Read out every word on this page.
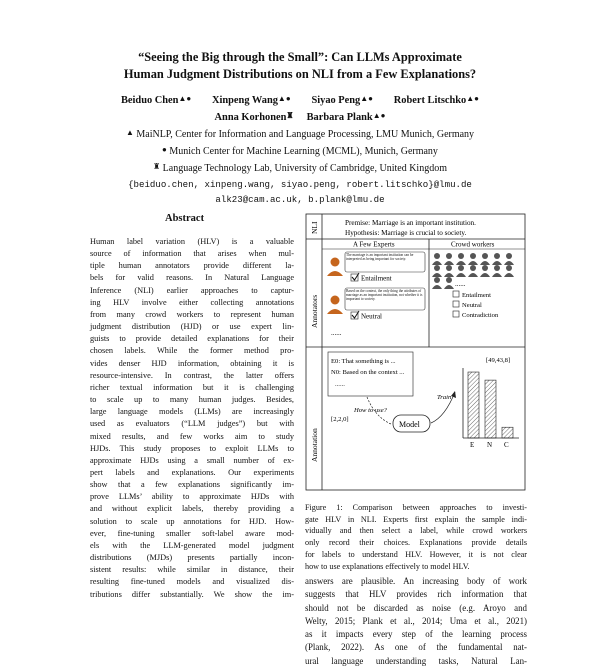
“Seeing the Big through the Small”: Can LLMs Approximate
Human Judgment Distributions on NLI from a Few Explanations?
Beiduo Chen▲● Xinpeng Wang▲● Siyao Peng▲● Robert Litschko▲●
Anna Korhonen♜ Barbara Plank▲●
▲ MaiNLP, Center for Information and Language Processing, LMU Munich, Germany
● Munich Center for Machine Learning (MCML), Munich, Germany
♜ Language Technology Lab, University of Cambridge, United Kingdom
{beiduo.chen, xinpeng.wang, siyao.peng, robert.litschko}@lmu.de
alk23@cam.ac.uk, b.plank@lmu.de
Abstract
Human label variation (HLV) is a valuable
source of information that arises when mul-
tiple human annotators provide different la-
bels for valid reasons. In Natural Language
Inference (NLI) earlier approaches to captur-
ing HLV involve either collecting annotations
from many crowd workers to represent human
judgment distribution (HJD) or use expert lin-
guists to provide detailed explanations for their
chosen labels. While the former method pro-
vides denser HJD information, obtaining it is
resource-intensive. In contrast, the latter offers
richer textual information but it is challenging
to scale up to many human judges. Besides,
large language models (LLMs) are increasingly
used as evaluators (“LLM judges”) but with
mixed results, and few works aim to study
HJDs. This study proposes to exploit LLMs to
approximate HJDs using a small number of ex-
pert labels and explanations. Our experiments
show that a few explanations significantly im-
prove LLMs’ ability to approximate HJDs with
and without explicit labels, thereby providing a
solution to scale up annotations for HJD. How-
ever, fine-tuning smaller soft-label aware mod-
els with the LLM-generated model judgment
distributions (MJDs) presents partially incon-
sistent results: while similar in distance, their
resulting fine-tuned models and visualized dis-
tributions differ substantially. We show the im-
NLI
Annotators
Annotation
Premise: Marriage is an important institution.
Hypothesis: Marriage is crucial to society.
A Few Experts	Crowd workers
The marriage is an important institution can be interpreted as being important for society.
Entailment
Based on the context, the only thing the attributes of marriage as an important institution, not whether it is important to society.
Neutral
......
......
Entailment
Neutral
Contradiction
E0: That something is ...
N0: Based on the context ...
......
[2,2,0]
How to use?
Model
Train
[49,43,8]
E N C
Figure 1: Comparison between approaches to investi-
gate HLV in NLI. Experts first explain the sample indi-
vidually and then select a label, while crowd workers
only record their choices. Explanations provide details
for labels to understand HLV. However, it is not clear
how to use explanations effectively to model HLV.
answers are plausible. An increasing body of work
suggests that HLV provides rich information that
should not be discarded as noise (e.g. Aroyo and
Welty, 2015; Plank et al., 2014; Uma et al., 2021)
as it impacts every step of the learning process
(Plank, 2022). As one of the fundamental nat-
ural language understanding tasks, Natural Lan-
